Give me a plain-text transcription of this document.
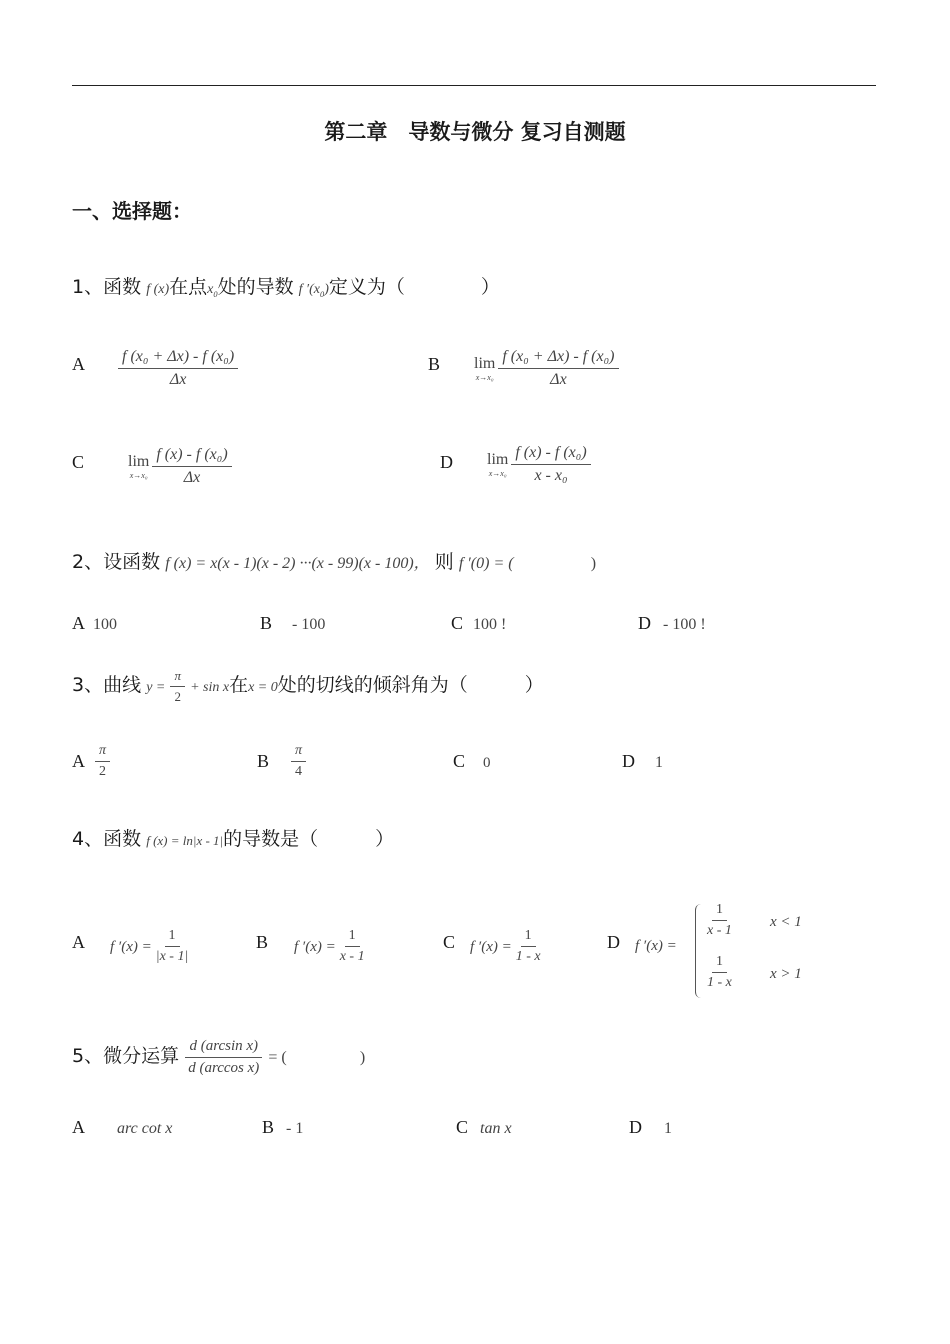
第二章　导数与微分 复习自测题
一、选择题：
1、函数 f (x)在点$x_0$处的导数 f $'(x_0)$定义为（　　　　）
A $\frac{\text{f (x₀ + Δx) - f (x₀)}}{\Delta x}$	B lim
$x\to x_0 \frac{\text{f (x₀ + Δx) - f (x₀)}}{\Delta x}$
C	lim
$x\to x_0 \frac{\text{f (x) - f (x₀)}}{\Delta x}$	D lim
$x\to x_0 \frac{\text{f (x) - f (x₀)}}{\text{x - x₀}}$
2、设函数 f (x) = x(x - 1)(x - 2) ···(x - 99)(x - 100)， 则 f ′(0) = (	)
A 100	B - 100	C 100 !	D - 100 !
3、曲线 $y = \frac{\pi}{2} + \sin x$在x = 0处的切线的倾斜角为（　　　）
A $\frac{\pi}{2}$	B $\frac{\pi}{4}$	C 0	D 1
4、函数 f (x) = ln|x - 1|的导数是（　　　）
A f $'(x) = \frac{1}{|x - 1|}$	B f $'(x) = \frac{1}{x - 1}$	C f $'(x) = \frac{1}{1 - x}$	D f ′(x) =
$\frac{1}{x - 1}$ x < 1
$\frac{1}{1 - x}$ x > 1
5、微分运算 $\frac{\text{d (arcsin x)}}{\text{d (arccos x)}}$ = (	)
A arc cot x	B - 1	C tan x	D 1
